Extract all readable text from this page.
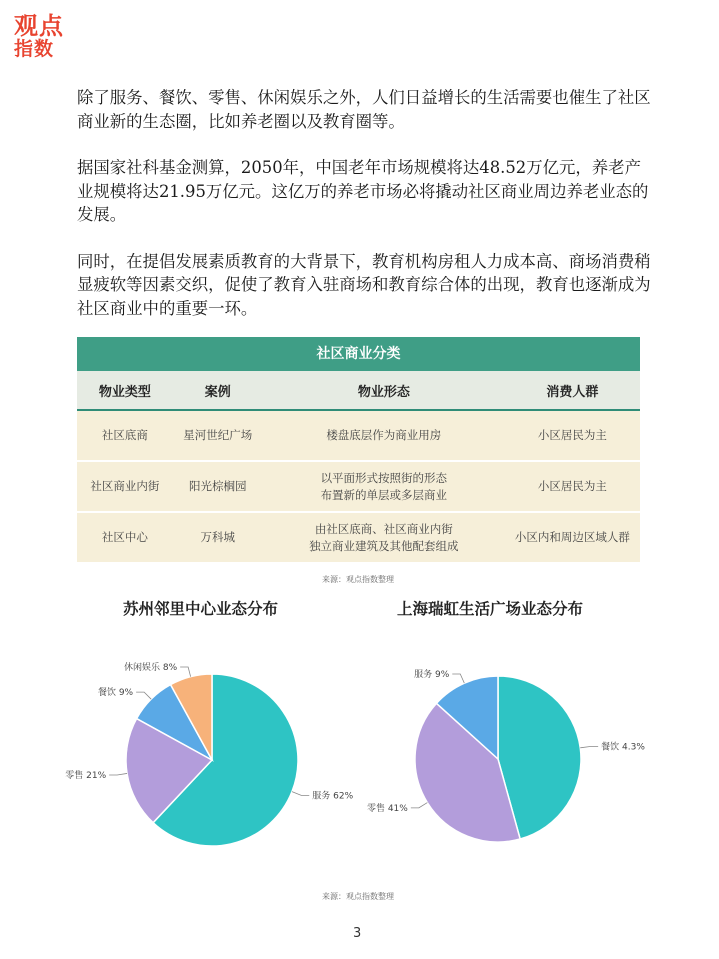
观点
指数

除了服务、餐饮、零售、休闲娱乐之外，人们日益增长的生活需要也催生了社区商业新的生态圈，比如养老圈以及教育圈等。

据国家社科基金测算，2050年，中国老年市场规模将达48.52万亿元，养老产业规模将达21.95万亿元。这亿万的养老市场必将撬动社区商业周边养老业态的发展。

同时，在提倡发展素质教育的大背景下，教育机构房租人力成本高、商场消费稍显疲软等因素交织，促使了教育入驻商场和教育综合体的出现，教育也逐渐成为社区商业中的重要一环。

社区商业分类
物业类型	案例	物业形态	消费人群
社区底商	星河世纪广场	楼盘底层作为商业用房	小区居民为主
社区商业内街	阳光棕榈园	以平面形式按照街的形态
布置新的单层或多层商业	小区居民为主
社区中心	万科城	由社区底商、社区商业内街
独立商业建筑及其他配套组成	小区内和周边区域人群
来源：观点指数整理
苏州邻里中心业态分布	上海瑞虹生活广场业态分布
服务 62%
零售 21%
餐饮 9%
休闲娱乐 8%
餐饮 4.3%
零售 41%
服务 9%
来源：观点指数整理
3
